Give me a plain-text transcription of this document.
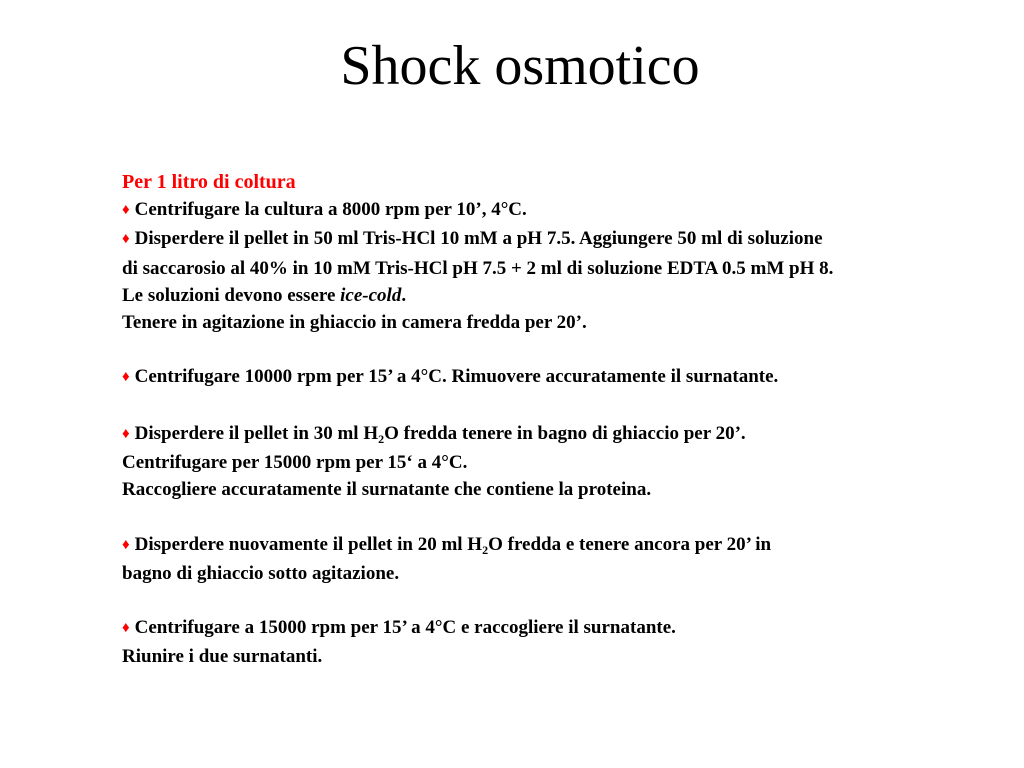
Shock osmotico
Per 1 litro di coltura
♦ Centrifugare la cultura a 8000 rpm per 10’, 4°C.
♦ Disperdere il pellet in 50 ml Tris-HCl 10 mM a pH 7.5. Aggiungere 50 ml di soluzione
di saccarosio al 40% in 10 mM Tris-HCl pH 7.5 + 2 ml di soluzione EDTA 0.5 mM pH 8.
Le soluzioni devono essere ice-cold.
Tenere in agitazione in ghiaccio in camera fredda per 20’.
♦ Centrifugare 10000 rpm per 15’ a 4°C. Rimuovere accuratamente il surnatante.
♦ Disperdere il pellet in 30 ml $H_2O$ fredda tenere in bagno di ghiaccio per 20’.
Centrifugare per 15000 rpm per 15‘ a 4°C.
Raccogliere accuratamente il surnatante che contiene la proteina.
♦ Disperdere nuovamente il pellet in 20 ml $H_2O$ fredda e tenere ancora per 20’ in
bagno di ghiaccio sotto agitazione.
♦ Centrifugare a 15000 rpm per 15’ a 4°C e raccogliere il surnatante.
Riunire i due surnatanti.
